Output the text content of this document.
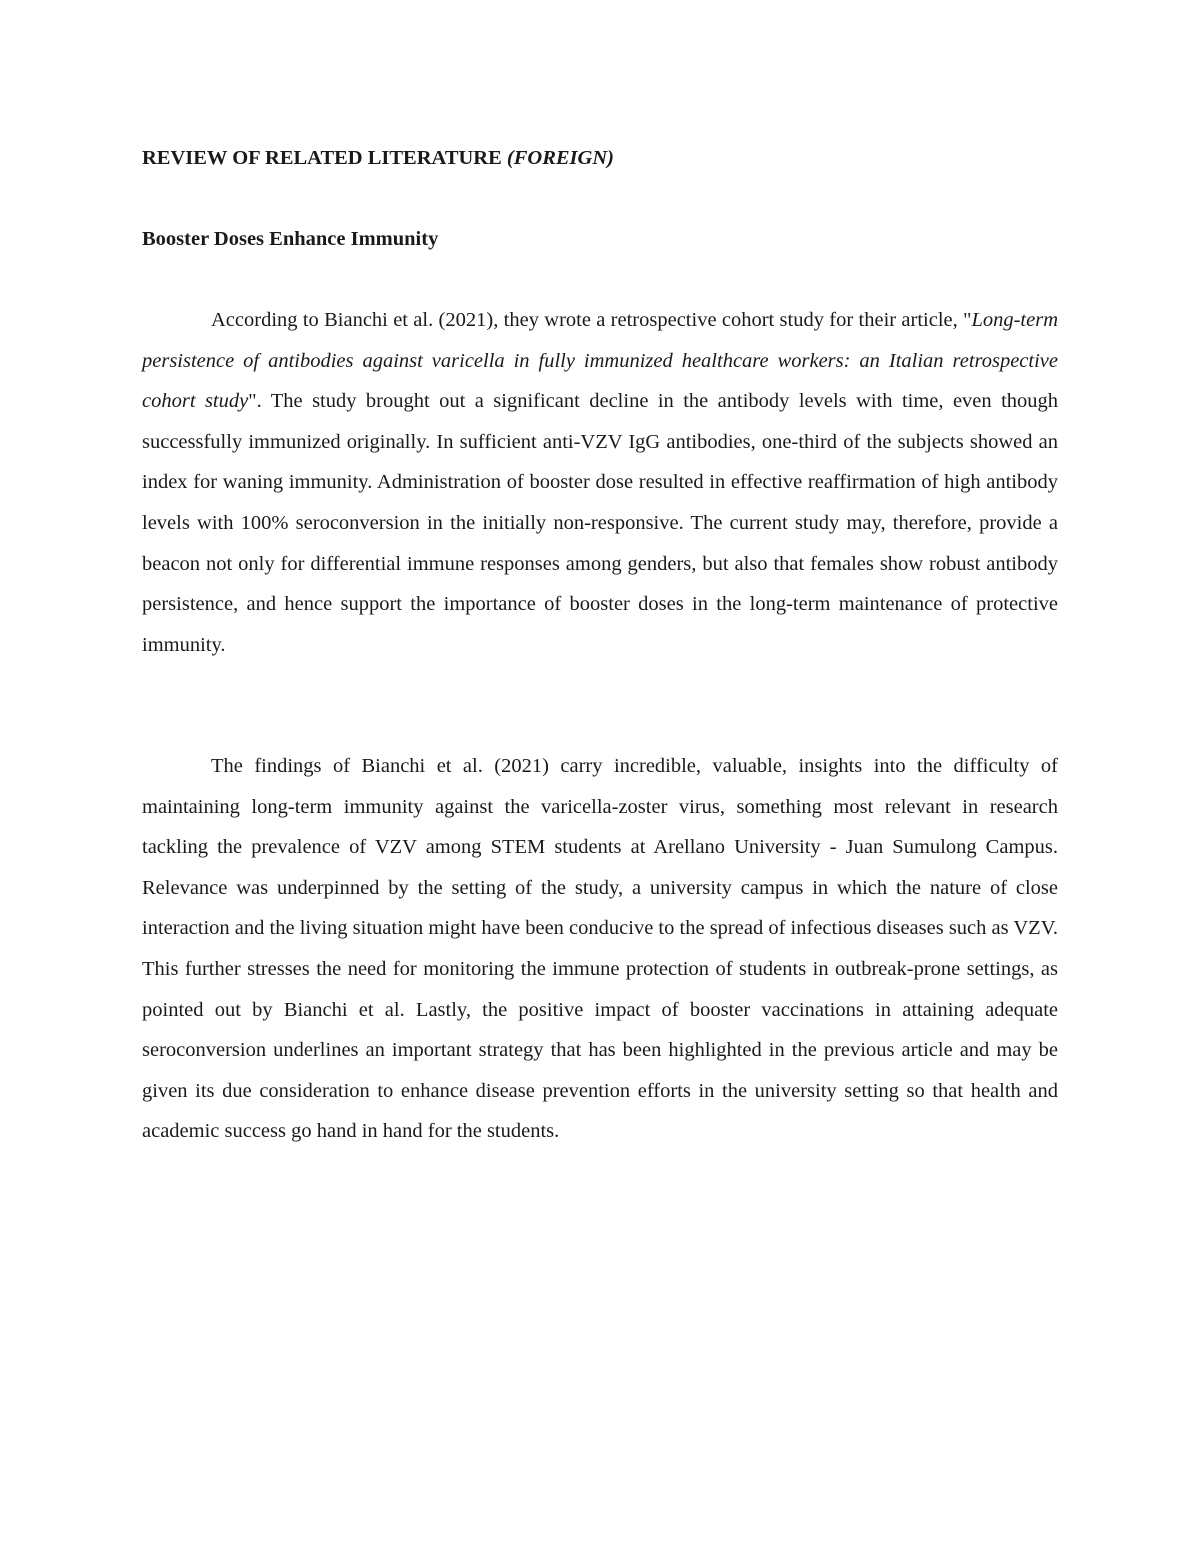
REVIEW OF RELATED LITERATURE (FOREIGN)
Booster Doses Enhance Immunity

According to Bianchi et al. (2021), they wrote a retrospective cohort study for their article, "Long-term persistence of antibodies against varicella in fully immunized healthcare workers: an Italian retrospective cohort study". The study brought out a significant decline in the antibody levels with time, even though successfully immunized originally. In sufficient anti-VZV IgG antibodies, one-third of the subjects showed an index for waning immunity. Administration of booster dose resulted in effective reaffirmation of high antibody levels with 100% seroconversion in the initially non-responsive. The current study may, therefore, provide a beacon not only for differential immune responses among genders, but also that females show robust antibody persistence, and hence support the importance of booster doses in the long-term maintenance of protective immunity.

The findings of Bianchi et al. (2021) carry incredible, valuable, insights into the difficulty of maintaining long-term immunity against the varicella-zoster virus, something most relevant in research tackling the prevalence of VZV among STEM students at Arellano University - Juan Sumulong Campus. Relevance was underpinned by the setting of the study, a university campus in which the nature of close interaction and the living situation might have been conducive to the spread of infectious diseases such as VZV. This further stresses the need for monitoring the immune protection of students in outbreak-prone settings, as pointed out by Bianchi et al. Lastly, the positive impact of booster vaccinations in attaining adequate seroconversion underlines an important strategy that has been highlighted in the previous article and may be given its due consideration to enhance disease prevention efforts in the university setting so that health and academic success go hand in hand for the students.
